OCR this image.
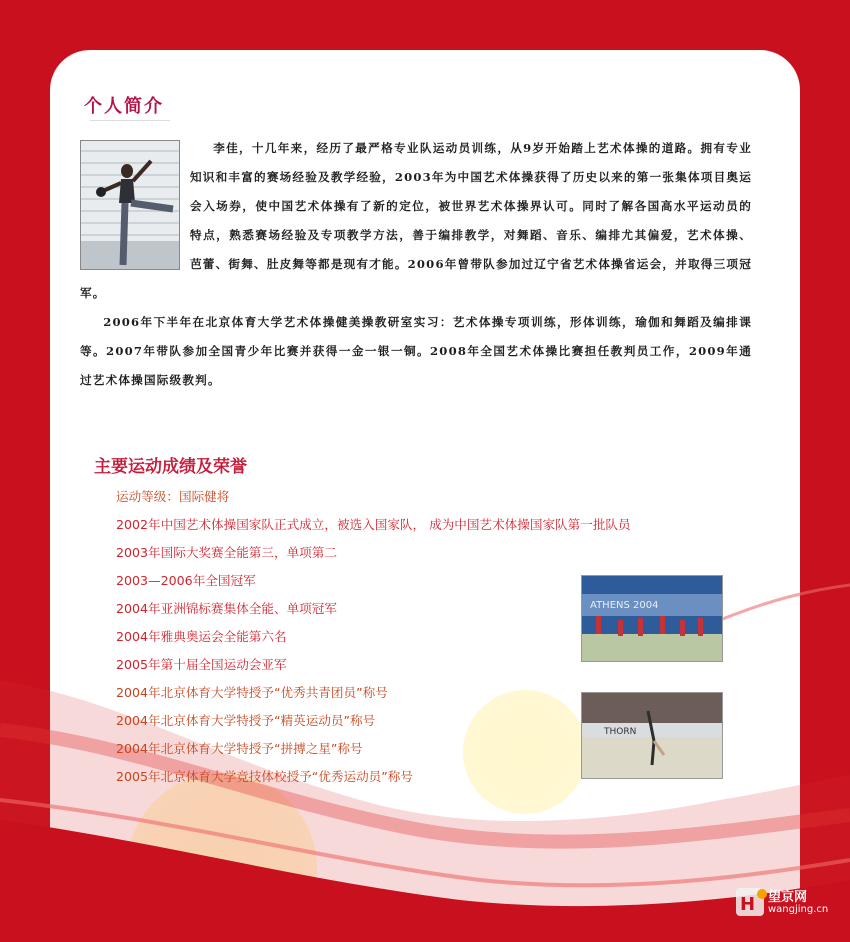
个人简介

李佳，十几年来，经历了最严格专业队运动员训练，从9岁开始踏上艺术体操的道路。拥有专业知识和丰富的赛场经验及教学经验，2003年为中国艺术体操获得了历史以来的第一张集体项目奥运会入场券，使中国艺术体操有了新的定位，被世界艺术体操界认可。同时了解各国高水平运动员的特点，熟悉赛场经验及专项教学方法，善于编排教学，对舞蹈、音乐、编排尤其偏爱，艺术体操、芭蕾、街舞、肚皮舞等都是现有才能。2006年曾带队参加过辽宁省艺术体操省运会，并取得三项冠军。

2006年下半年在北京体育大学艺术体操健美操教研室实习：艺术体操专项训练，形体训练，瑜伽和舞蹈及编排课等。2007年带队参加全国青少年比赛并获得一金一银一铜。2008年全国艺术体操比赛担任教判员工作，2009年通过艺术体操国际级教判。

主要运动成绩及荣誉
运动等级：国际健将
2002年中国艺术体操国家队正式成立，被选入国家队， 成为中国艺术体操国家队第一批队员
2003年国际大奖赛全能第三，单项第二
2003—2006年全国冠军
2004年亚洲锦标赛集体全能、单项冠军
2004年雅典奥运会全能第六名
2005年第十届全国运动会亚军
2004年北京体育大学特授予“优秀共青团员”称号
2004年北京体育大学特授予“精英运动员”称号
2004年北京体育大学特授予“拼搏之星”称号
2005年北京体育大学竞技体校授予“优秀运动员”称号
ATHENS 2004
THORN
H 望京网
wangjing.cn
